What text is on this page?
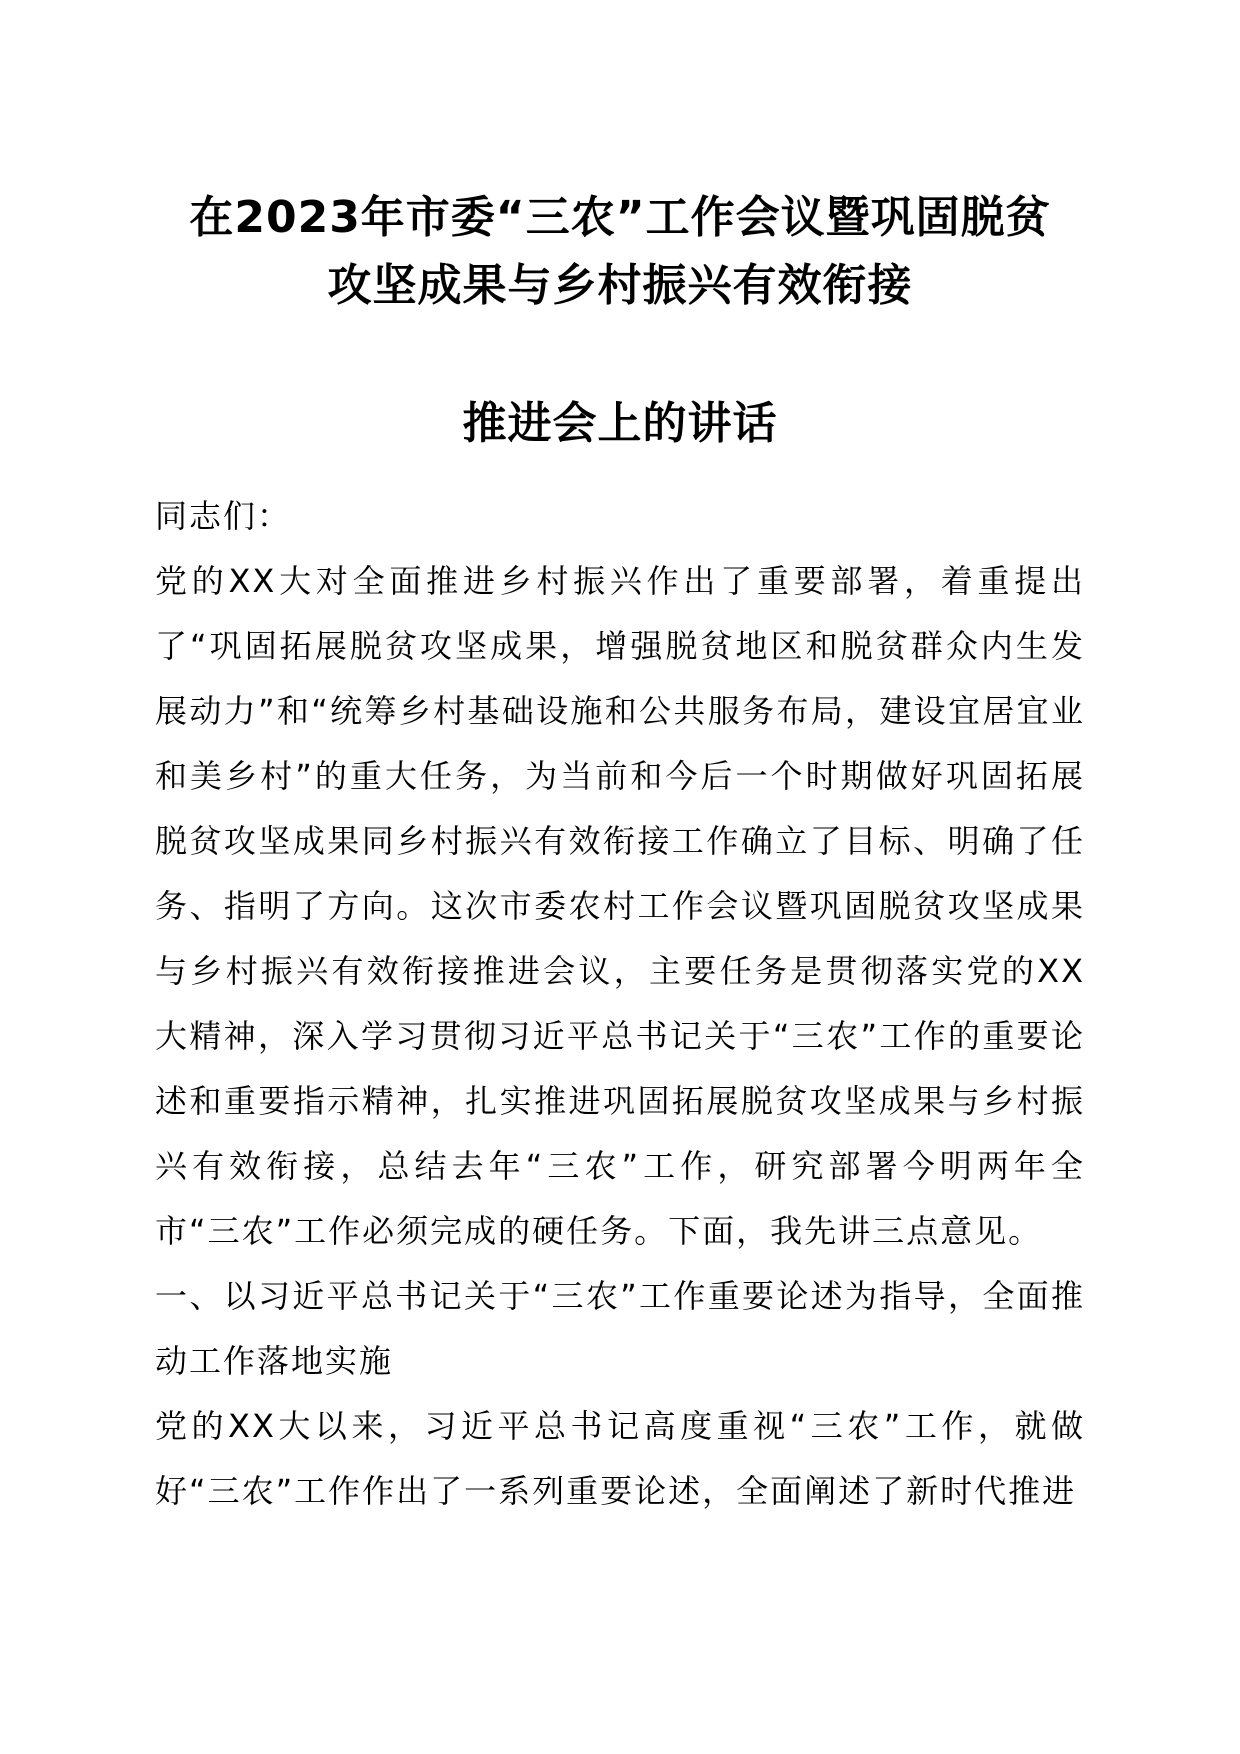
在2023年市委“三农”工作会议暨巩固脱贫
攻坚成果与乡村振兴有效衔接
推进会上的讲话

同志们：

党的XX大对全面推进乡村振兴作出了重要部署，着重提出了“巩固拓展脱贫攻坚成果，增强脱贫地区和脱贫群众内生发展动力”和“统筹乡村基础设施和公共服务布局，建设宜居宜业和美乡村”的重大任务，为当前和今后一个时期做好巩固拓展脱贫攻坚成果同乡村振兴有效衔接工作确立了目标、明确了任务、指明了方向。这次市委农村工作会议暨巩固脱贫攻坚成果与乡村振兴有效衔接推进会议，主要任务是贯彻落实党的XX大精神，深入学习贯彻习近平总书记关于“三农”工作的重要论述和重要指示精神，扎实推进巩固拓展脱贫攻坚成果与乡村振兴有效衔接，总结去年“三农”工作，研究部署今明两年全市“三农”工作必须完成的硬任务。下面，我先讲三点意见。

一、以习近平总书记关于“三农”工作重要论述为指导，全面推动工作落地实施

党的XX大以来，习近平总书记高度重视“三农”工作，就做好“三农”工作作出了一系列重要论述，全面阐述了新时代推进
